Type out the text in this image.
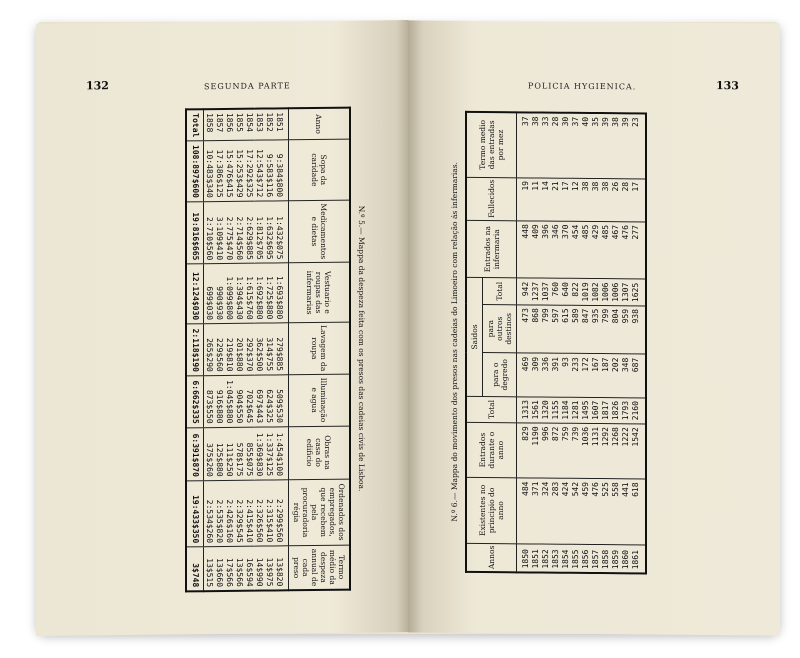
132	SEGUNDA PARTE
N.º 5.— Mappa da despeza feita com os presos das cadeias civis de Lisboa.
Anno	Sopa da caridade	Medicamentos e dietas	Vestuario e roupas das infermarias	Lavagem da roupa	Illuminação e agua	Obras na casa do edificio	Ordenados dos empregados, que recebem pela procuradoria régia	Termo médio da despeza annual de cada preso
1851	9:384$800	1:432$075	1:693$880	279$885	509$530	1:454$100	2:299$560	13$820
1852	9:583$116	1:632$695	1:725$880	314$755	624$325	1:337$125	2:315$410	13$975
1853	12:543$712	1:812$705	1:692$880	362$500	697$443	1:369$830	2:326$560	14$990
1854	17:292$325	2:629$885	1:615$760	292$370	702$645	855$075	2:415$410	16$594
1855	15:253$429	2:714$560	1:394$430	201$880	904$550	578$175	2:329$545	13$566
1856	15:476$415	2:775$470	1:099$800	219$810	1:045$880	111$250	2:426$160	17$566
1857	17:386$125	3:109$410	990$930	229$560	916$880	125$880	2:535$820	13$660
1858	10:483$340	2:710$560	699$030	265$290	873$550	375$260	2:534$260	13$515
Total	108:897$600	19:816$665	12:124$030	2:118$190	6:662$335	6:391$870	19:433$350	3$748
POLICIA HYGIENICA.	133
N.º 6.— Mappa do movimento dos presos nas cadeias do Limoeiro com relação ás infermarias.
Annos	Existentes no principio do anno	Entrados durante o anno	Total	Saidos			Entrados na infermaria	Fallecidos	Termo medio das entradas por mez
				para o degredo	para outros destinos	Total			
1850	484	829	1313	469	473	942	448	19	37
1851	371	1190	1561	309	868	1237	409	11	38
1852	324	996	1320	336	799	1037	396	14	33
1853	283	872	1155	391	597	760	346	21	28
1854	424	759	1184	93	615	640	370	17	30
1855	542	739	1281	233	589	822	454	12	37
1856	459	1036	1495	172	847	1019	485	38	40
1857	476	1131	1607	167	935	1082	429	38	35
1858	525	1292	1817	187	799	1006	485	38	39
1859	558	1268	1826	202	804	1006	467	26	38
1860	441	1222	1793	348	959	1307	476	28	39
1861	618	1542	2160	687	938	1625	277	17	23
